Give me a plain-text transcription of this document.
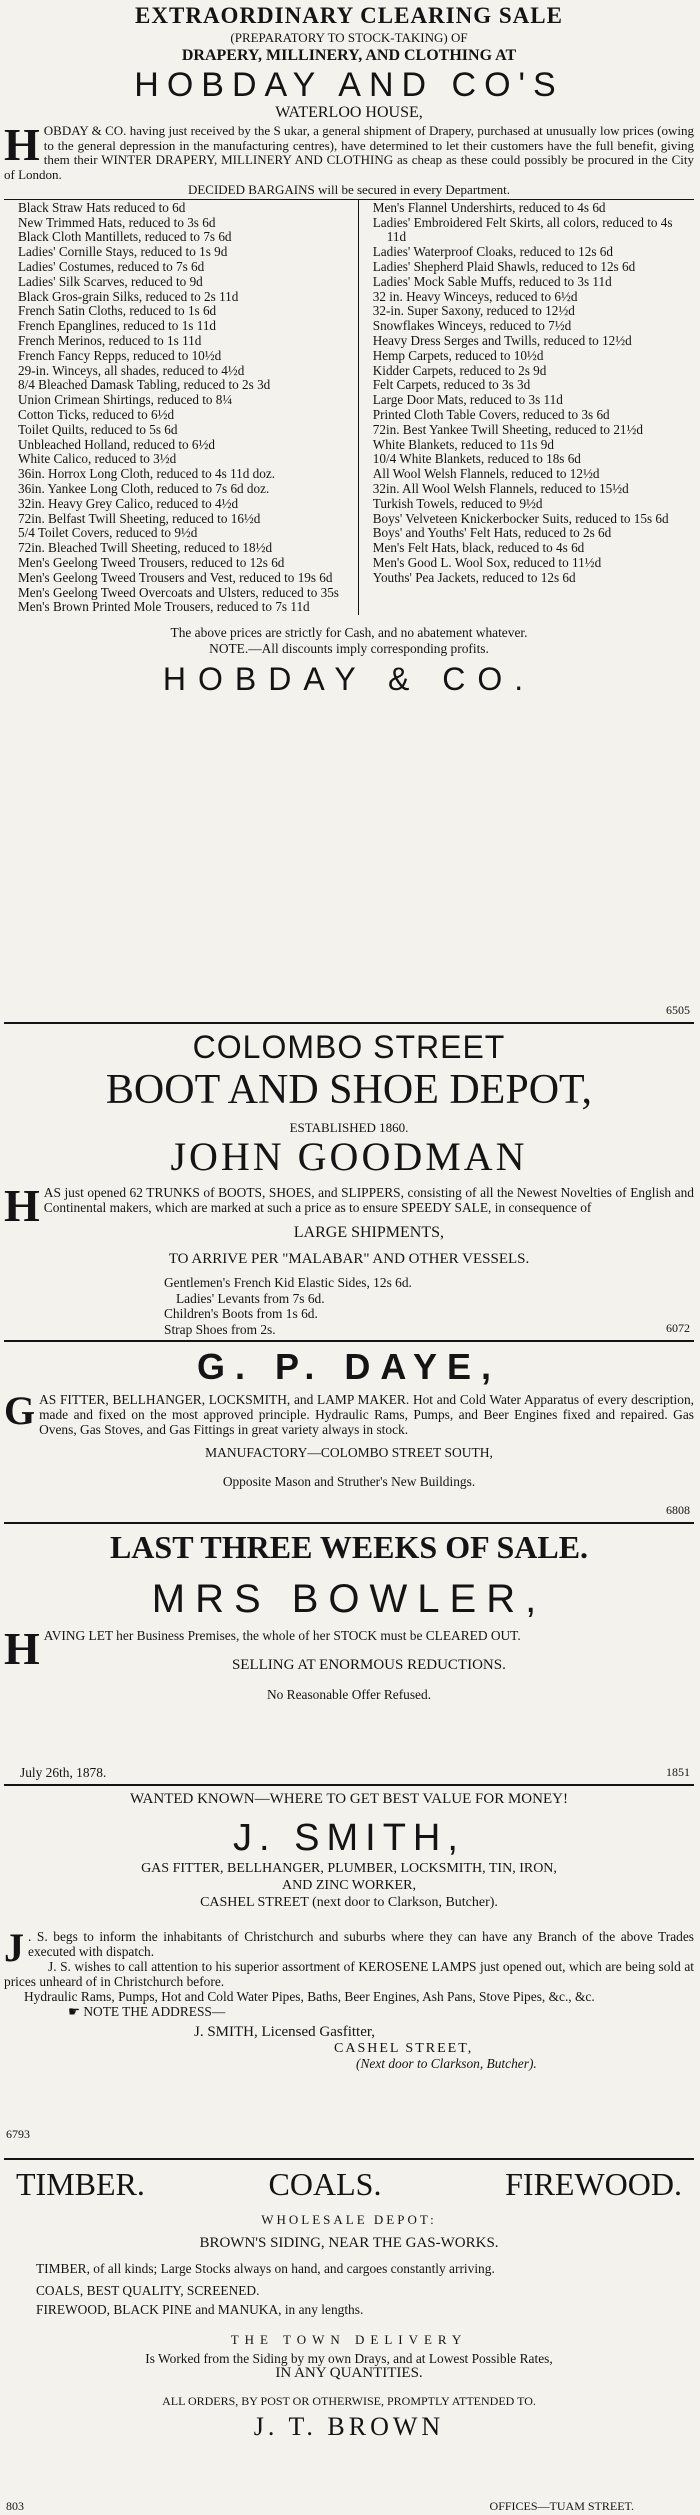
EXTRAORDINARY CLEARING SALE
(PREPARATORY TO STOCK-TAKING) OF
DRAPERY, MILLINERY, AND CLOTHING AT
HOBDAY AND CO'S
WATERLOO HOUSE,
HOBDAY & CO. having just received by the S ukar, a general shipment of Drapery, purchased at unusually low prices (owing to the general depression in the manufacturing centres), have determined to let their customers have the full benefit, giving them their WINTER DRAPERY, MILLINERY AND CLOTHING as cheap as these could possibly be procured in the City of London.
DECIDED BARGAINS will be secured in every Department.
Black Straw Hats reduced to 6d
New Trimmed Hats, reduced to 3s 6d
Black Cloth Mantillets, reduced to 7s 6d
Ladies' Cornille Stays, reduced to 1s 9d
Ladies' Costumes, reduced to 7s 6d
Ladies' Silk Scarves, reduced to 9d
Black Gros-grain Silks, reduced to 2s 11d
French Satin Cloths, reduced to 1s 6d
French Epanglines, reduced to 1s 11d
French Merinos, reduced to 1s 11d
French Fancy Repps, reduced to 10½d
29-in. Winceys, all shades, reduced to 4½d
8/4 Bleached Damask Tabling, reduced to 2s 3d
Union Crimean Shirtings, reduced to 8¼
Cotton Ticks, reduced to 6½d
Toilet Quilts, reduced to 5s 6d
Unbleached Holland, reduced to 6½d
White Calico, reduced to 3½d
36in. Horrox Long Cloth, reduced to 4s 11d doz.
36in. Yankee Long Cloth, reduced to 7s 6d doz.
32in. Heavy Grey Calico, reduced to 4½d
72in. Belfast Twill Sheeting, reduced to 16½d
5/4 Toilet Covers, reduced to 9½d
72in. Bleached Twill Sheeting, reduced to 18½d
Men's Geelong Tweed Trousers, reduced to 12s 6d
Men's Geelong Tweed Trousers and Vest, reduced to 19s 6d
Men's Geelong Tweed Overcoats and Ulsters, reduced to 35s
Men's Brown Printed Mole Trousers, reduced to 7s 11d
Men's Flannel Undershirts, reduced to 4s 6d
Ladies' Embroidered Felt Skirts, all colors, reduced to 4s 11d
Ladies' Waterproof Cloaks, reduced to 12s 6d
Ladies' Shepherd Plaid Shawls, reduced to 12s 6d
Ladies' Mock Sable Muffs, reduced to 3s 11d
32 in. Heavy Winceys, reduced to 6½d
32-in. Super Saxony, reduced to 12½d
Snowflakes Winceys, reduced to 7½d
Heavy Dress Serges and Twills, reduced to 12½d
Hemp Carpets, reduced to 10½d
Kidder Carpets, reduced to 2s 9d
Felt Carpets, reduced to 3s 3d
Large Door Mats, reduced to 3s 11d
Printed Cloth Table Covers, reduced to 3s 6d
72in. Best Yankee Twill Sheeting, reduced to 21½d
White Blankets, reduced to 11s 9d
10/4 White Blankets, reduced to 18s 6d
All Wool Welsh Flannels, reduced to 12½d
32in. All Wool Welsh Flannels, reduced to 15½d
Turkish Towels, reduced to 9½d
Boys' Velveteen Knickerbocker Suits, reduced to 15s 6d
Boys' and Youths' Felt Hats, reduced to 2s 6d
Men's Felt Hats, black, reduced to 4s 6d
Men's Good L. Wool Sox, reduced to 11½d
Youths' Pea Jackets, reduced to 12s 6d
The above prices are strictly for Cash, and no abatement whatever.
NOTE.—All discounts imply corresponding profits.
HOBDAY & CO.
6505
COLOMBO STREET
BOOT AND SHOE DEPOT,
ESTABLISHED 1860.
JOHN GOODMAN
HAS just opened 62 TRUNKS of BOOTS, SHOES, and SLIPPERS, consisting of all the Newest Novelties of English and Continental makers, which are marked at such a price as to ensure SPEEDY SALE, in consequence of
LARGE SHIPMENTS,
TO ARRIVE PER "MALABAR" AND OTHER VESSELS.
Gentlemen's French Kid Elastic Sides, 12s 6d.
Ladies' Levants from 7s 6d.
Children's Boots from 1s 6d.
Strap Shoes from 2s.	6072
G. P. DAYE,
GAS FITTER, BELLHANGER, LOCKSMITH, and LAMP MAKER. Hot and Cold Water Apparatus of every description, made and fixed on the most approved principle. Hydraulic Rams, Pumps, and Beer Engines fixed and repaired. Gas Ovens, Gas Stoves, and Gas Fittings in great variety always in stock.
MANUFACTORY—COLOMBO STREET SOUTH,
Opposite Mason and Struther's New Buildings.
6808
LAST THREE WEEKS OF SALE.
MRS BOWLER,
HAVING LET her Business Premises, the whole of her STOCK must be CLEARED OUT.
SELLING AT ENORMOUS REDUCTIONS.
No Reasonable Offer Refused.
July 26th, 1878.	1851
WANTED KNOWN—WHERE TO GET BEST VALUE FOR MONEY!
J. SMITH,
GAS FITTER, BELLHANGER, PLUMBER, LOCKSMITH, TIN, IRON,
AND ZINC WORKER,
CASHEL STREET (next door to Clarkson, Butcher).
J . S. begs to inform the inhabitants of Christchurch and suburbs where they can have any Branch of the above Trades executed with dispatch.
J. S. wishes to call attention to his superior assortment of KEROSENE LAMPS just opened out, which are being sold at prices unheard of in Christchurch before.
Hydraulic Rams, Pumps, Hot and Cold Water Pipes, Baths, Beer Engines, Ash Pans, Stove Pipes, &c., &c.
☛ NOTE THE ADDRESS—
J. SMITH, Licensed Gasfitter,
CASHEL STREET,
(Next door to Clarkson, Butcher).
6793
TIMBER.	COALS.	FIREWOOD.
WHOLESALE DEPOT:
BROWN'S SIDING, NEAR THE GAS-WORKS.
TIMBER, of all kinds; Large Stocks always on hand, and cargoes constantly arriving.
COALS, BEST QUALITY, SCREENED.
FIREWOOD, BLACK PINE and MANUKA, in any lengths.
THE TOWN DELIVERY
Is Worked from the Siding by my own Drays, and at Lowest Possible Rates,
IN ANY QUANTITIES.
ALL ORDERS, BY POST OR OTHERWISE, PROMPTLY ATTENDED TO.
J. T. BROWN
803	OFFICES—TUAM STREET.
